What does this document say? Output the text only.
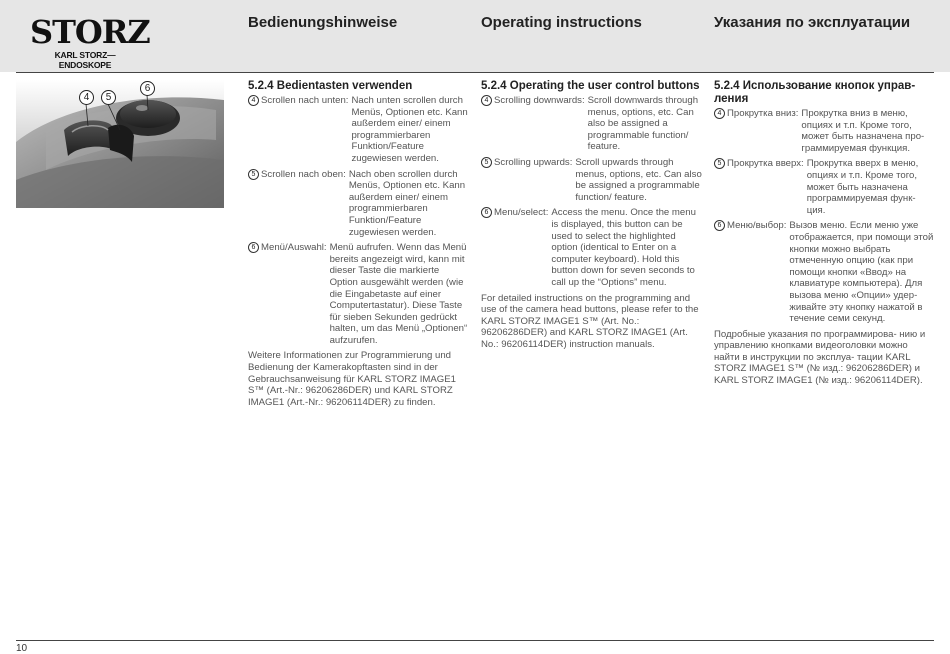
STORZ
KARL STORZ—ENDOSKOPE
Bedienungshinweise	Operating instructions	Указания по эксплуатации
4	5
6	5.2.4 Bedientasten verwenden
4 Scrollen nach unten: Nach unten scrollen durch Menüs, Optionen etc. Kann außerdem einer/ einem programmierbaren Funktion/Feature zugewiesen werden.
5 Scrollen nach oben: Nach oben scrollen durch Menüs, Optionen etc. Kann außerdem einer/ einem programmierbaren Funktion/Feature zugewiesen werden.
6 Menü/Auswahl: Menü aufrufen. Wenn das Menü bereits angezeigt wird, kann mit dieser Taste die markierte Option ausgewählt werden (wie die Eingabetaste auf einer Computertastatur). Diese Taste für sieben Sekunden gedrückt halten, um das Menü „Optionen“ aufzurufen.
Weitere Informationen zur Programmierung und Bedienung der Kamerakopftasten sind in der Gebrauchsanweisung für KARL STORZ IMAGE1 S™ (Art.-Nr.: 96206286DER) und KARL STORZ IMAGE1 (Art.-Nr.: 96206114DER) zu finden.
5.2.4 Operating the user control buttons
4 Scrolling downwards: Scroll downwards through menus, options, etc. Can also be assigned a programmable function/ feature.
5 Scrolling upwards: Scroll upwards through menus, options, etc. Can also be assigned a programmable function/ feature.
6 Menu/select: Access the menu. Once the menu is displayed, this button can be used to select the highlighted option (identical to Enter on a computer keyboard). Hold this button down for seven seconds to call up the “Options” menu.
For detailed instructions on the programming and use of the camera head buttons, please refer to the KARL STORZ IMAGE1 S™ (Art. No.: 96206286DER) and KARL STORZ IMAGE1 (Art. No.: 96206114DER) instruction manuals.
5.2.4 Использование кнопок управ- ления
4 Прокрутка вниз: Прокрутка вниз в меню, опциях и т.п. Кроме того, может быть назначена про- граммируемая функция.
5 Прокрутка вверх: Прокрутка вверх в меню, опциях и т.п. Кроме того, может быть назначена программируемая функ- ция.
6 Меню/выбор: Вызов меню. Если меню уже отображается, при помощи этой кнопки можно выбрать отмеченную опцию (как при помощи кнопки «Ввод» на клавиатуре компьютера). Для вызова меню «Опции» удер- живайте эту кнопку нажатой в течение семи секунд.
Подробные указания по программирова- нию и управлению кнопками видеоголовки можно найти в инструкции по эксплуа- тации KARL STORZ IMAGE1 S™ (№ изд.: 96206286DER) и KARL STORZ IMAGE1 (№ изд.: 96206114DER).
10
